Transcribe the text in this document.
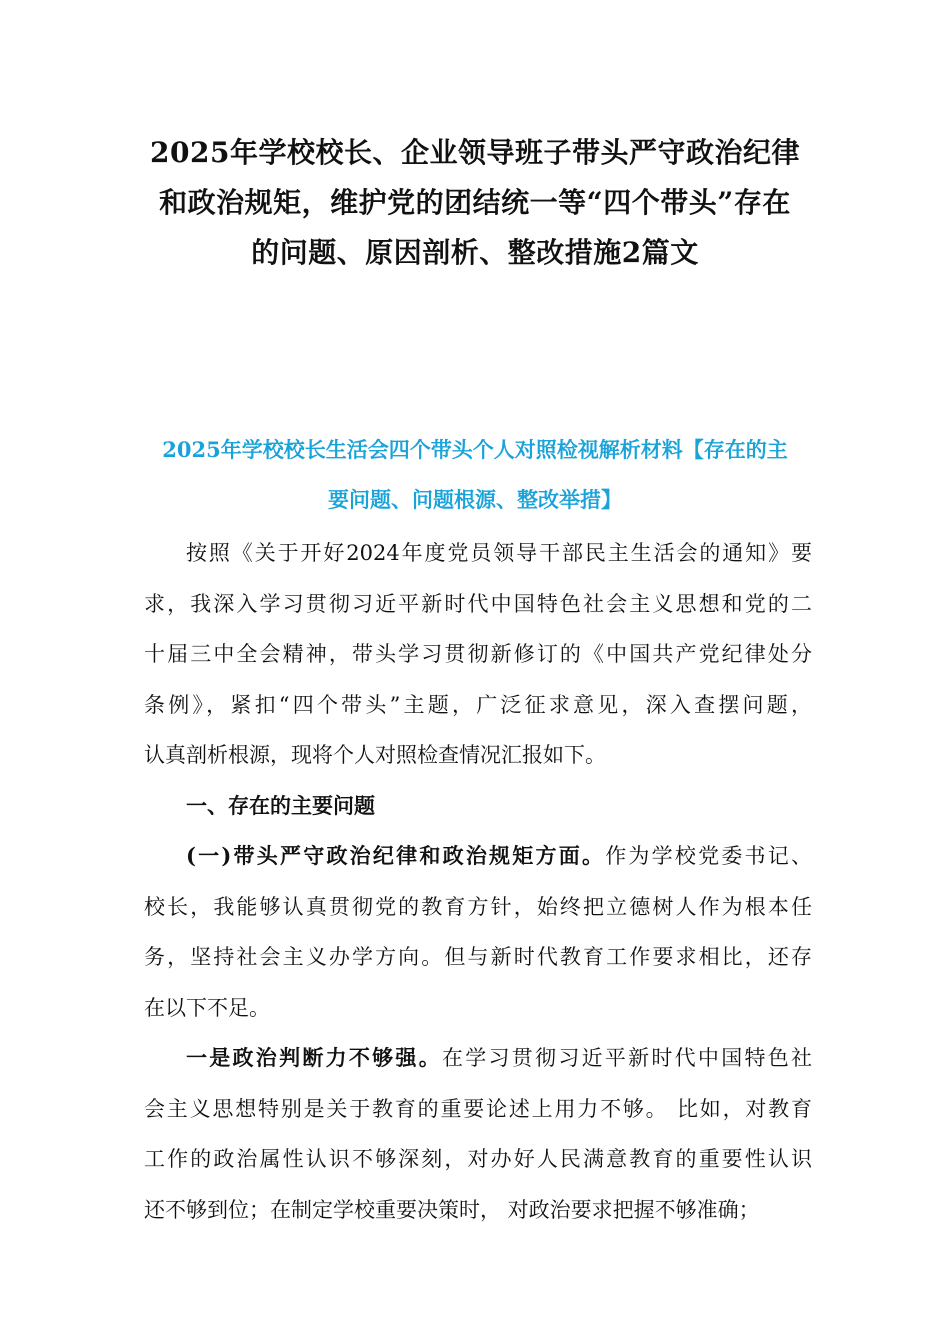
2025年学校校长、企业领导班子带头严守政治纪律
和政治规矩，维护党的团结统一等“四个带头”存在
的问题、原因剖析、整改措施2篇文
2025年学校校长生活会四个带头个人对照检视解析材料【存在的主
要问题、问题根源、整改举措】
按照《关于开好2024年度党员领导干部民主生活会的通知》要
求，我深入学习贯彻习近平新时代中国特色社会主义思想和党的二
十届三中全会精神，带头学习贯彻新修订的《中国共产党纪律处分
条例》，紧扣“四个带头”主题，广泛征求意见，深入查摆问题，
认真剖析根源，现将个人对照检查情况汇报如下。
一、存在的主要问题
(一)带头严守政治纪律和政治规矩方面。作为学校党委书记、
校长，我能够认真贯彻党的教育方针，始终把立德树人作为根本任
务，坚持社会主义办学方向。但与新时代教育工作要求相比，还存
在以下不足。
一是政治判断力不够强。在学习贯彻习近平新时代中国特色社
会主义思想特别是关于教育的重要论述上用力不够。 比如，对教育
工作的政治属性认识不够深刻，对办好人民满意教育的重要性认识
还不够到位；在制定学校重要决策时， 对政治要求把握不够准确；
